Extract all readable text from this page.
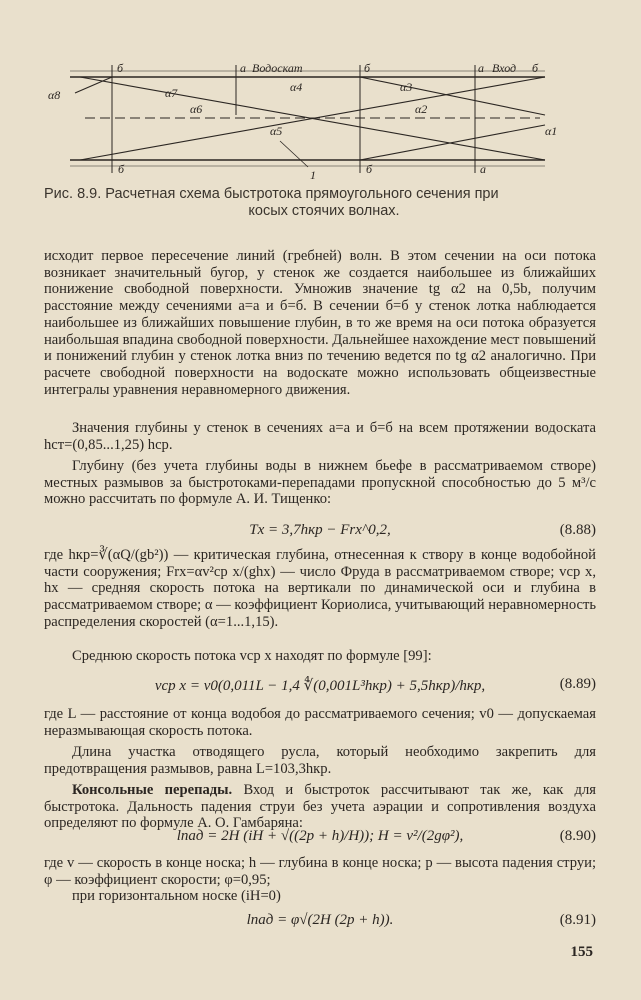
б	а Водоскат	б	а Вход б
б	б	а
1
α8	α7
α6
α5
α4	α3
α2
α1
Рис. 8.9. Расчетная схема быстротока прямоугольного сечения при
косых стоячих волнах.

исходит первое пересечение линий (гребней) волн. В этом сечении на оси потока возникает значительный бугор, у стенок же создается наибольшее из ближайших понижение свободной поверхности. Умножив значение tg α2 на 0,5b, получим расстояние между сечениями а=а и б=б. В сечении б=б у стенок лотка наблюдается наибольшее из ближайших повышение глубин, в то же время на оси потока образуется наибольшая впадина свободной поверхности. Дальнейшее нахождение мест повышений и понижений глубин у стенок лотка вниз по течению ведется по tg α2 аналогично. При расчете свободной поверхности на водоскате можно использовать общеизвестные интегралы уравнения неравномерного движения.

Значения глубины у стенок в сечениях а=а и б=б на всем протяжении водоската hст=(0,85...1,25) hср.

Глубину (без учета глубины воды в нижнем бьефе в рассматриваемом створе) местных размывов за быстротоками-перепадами пропускной способностью до 5 м³/с можно рассчитать по формуле А. И. Тищенко:

Tx = 3,7hкр − Frx^0,2,	(8.88)

где hкр=∛(αQ/(gb²)) — критическая глубина, отнесенная к створу в конце водобойной части сооружения; Frx=αv²ср x/(ghx) — число Фруда в рассматриваемом створе; vср x, hx — средняя скорость потока на вертикали по динамической оси и глубина в рассматриваемом створе; α — коэффициент Кориолиса, учитывающий неравномерность распределения скоростей (α=1...1,15).

Среднюю скорость потока vср x находят по формуле [99]:

vср x = v0(0,011L − 1,4 ∜(0,001L³hкр) + 5,5hкр)/hкр,	(8.89)

где L — расстояние от конца водобоя до рассматриваемого сечения; v0 — допускаемая неразмывающая скорость потока.

Длина участка отводящего русла, который необходимо закрепить для предотвращения размывов, равна L=103,3hкр.

Консольные перепады. Вход и быстроток рассчитывают так же, как для быстротока. Дальность падения струи без учета аэрации и сопротивления воздуха определяют по формуле А. О. Гамбаряна:

lпад = 2H (iH + √((2p + h)/H)); H = v²/(2gφ²),	(8.90)

где v — скорость в конце носка; h — глубина в конце носка; p — высота падения струи; φ — коэффициент скорости; φ=0,95;

при горизонтальном носке (iH=0)

lпад = φ√(2H (2p + h)).	(8.91)
155
